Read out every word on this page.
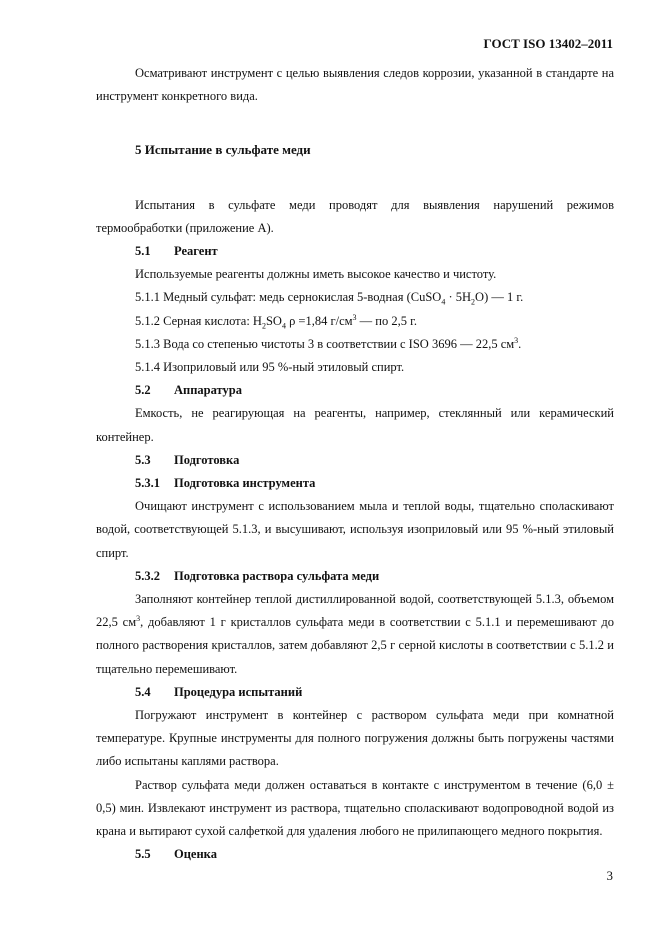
ГОСТ ISO 13402–2011

Осматривают инструмент с целью выявления следов коррозии, указанной в стандарте на инструмент конкретного вида.

5 Испытание в сульфате меди

Испытания в сульфате меди проводят для выявления нарушений режимов термообработки (приложение А).

5.1 Реагент

Используемые реагенты должны иметь высокое качество и чистоту.

5.1.1 Медный сульфат: медь сернокислая 5-водная (CuSO$_4$ · $5H_2O$) — 1 г.

5.1.2 Серная кислота: $H_2SO_4$ ρ =1,84 $г/см^3$ — по 2,5 г.

5.1.3 Вода со степенью чистоты 3 в соответствии с ISO 3696 — 22,5 $см^3$.

5.1.4 Изоприловый или 95 %-ный этиловый спирт.

5.2 Аппаратура

Емкость, не реагирующая на реагенты, например, стеклянный или керамический контейнер.

5.3 Подготовка

5.3.1 Подготовка инструмента

Очищают инструмент с использованием мыла и теплой воды, тщательно споласкивают водой, соответствующей 5.1.3, и высушивают, используя изоприловый или 95 %-ный этиловый спирт.

5.3.2 Подготовка раствора сульфата меди

Заполняют контейнер теплой дистиллированной водой, соответствующей 5.1.3, объемом 22,5 $см^3$, добавляют 1 г кристаллов сульфата меди в соответствии с 5.1.1 и перемешивают до полного растворения кристаллов, затем добавляют 2,5 г серной кислоты в соответствии с 5.1.2 и тщательно перемешивают.

5.4 Процедура испытаний

Погружают инструмент в контейнер с раствором сульфата меди при комнатной температуре. Крупные инструменты для полного погружения должны быть погружены частями либо испытаны каплями раствора.

Раствор сульфата меди должен оставаться в контакте с инструментом в течение (6,0 ± 0,5) мин. Извлекают инструмент из раствора, тщательно споласкивают водопроводной водой из крана и вытирают сухой салфеткой для удаления любого не прилипающего медного покрытия.

5.5 Оценка

3
